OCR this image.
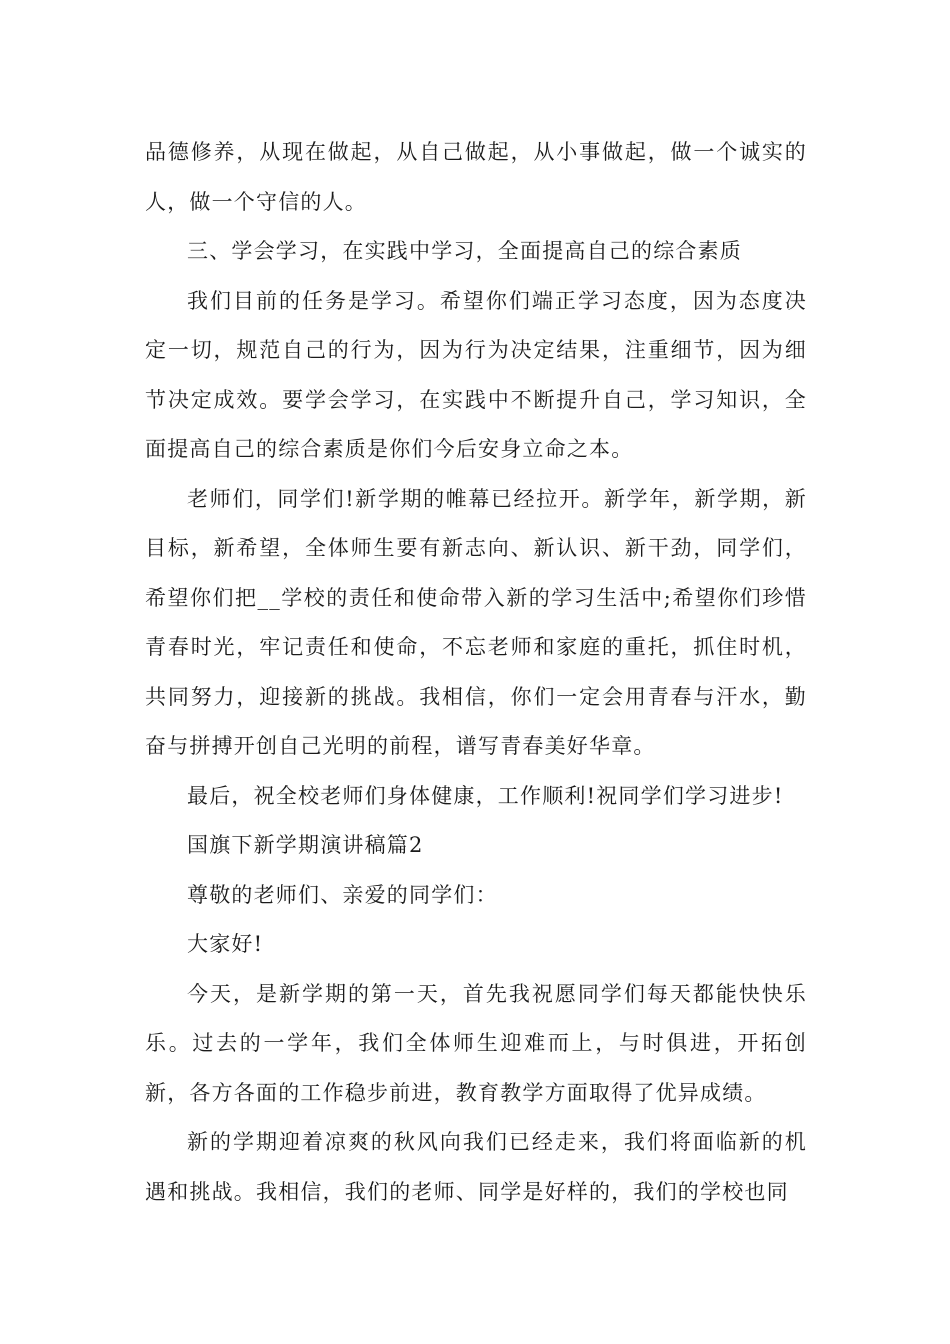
品德修养，从现在做起，从自己做起，从小事做起，做一个诚实的人，做一个守信的人。

三、学会学习，在实践中学习，全面提高自己的综合素质

我们目前的任务是学习。希望你们端正学习态度，因为态度决定一切，规范自己的行为，因为行为决定结果，注重细节，因为细节决定成效。要学会学习，在实践中不断提升自己，学习知识，全面提高自己的综合素质是你们今后安身立命之本。

老师们，同学们!新学期的帷幕已经拉开。新学年，新学期，新目标，新希望，全体师生要有新志向、新认识、新干劲，同学们，希望你们把__学校的责任和使命带入新的学习生活中;希望你们珍惜青春时光，牢记责任和使命，不忘老师和家庭的重托，抓住时机，共同努力，迎接新的挑战。我相信，你们一定会用青春与汗水，勤奋与拼搏开创自己光明的前程，谱写青春美好华章。

最后，祝全校老师们身体健康，工作顺利!祝同学们学习进步!

国旗下新学期演讲稿篇2

尊敬的老师们、亲爱的同学们：

大家好!

今天，是新学期的第一天，首先我祝愿同学们每天都能快快乐乐。过去的一学年，我们全体师生迎难而上，与时俱进，开拓创新，各方各面的工作稳步前进，教育教学方面取得了优异成绩。

新的学期迎着凉爽的秋风向我们已经走来，我们将面临新的机遇和挑战。我相信，我们的老师、同学是好样的，我们的学校也同
